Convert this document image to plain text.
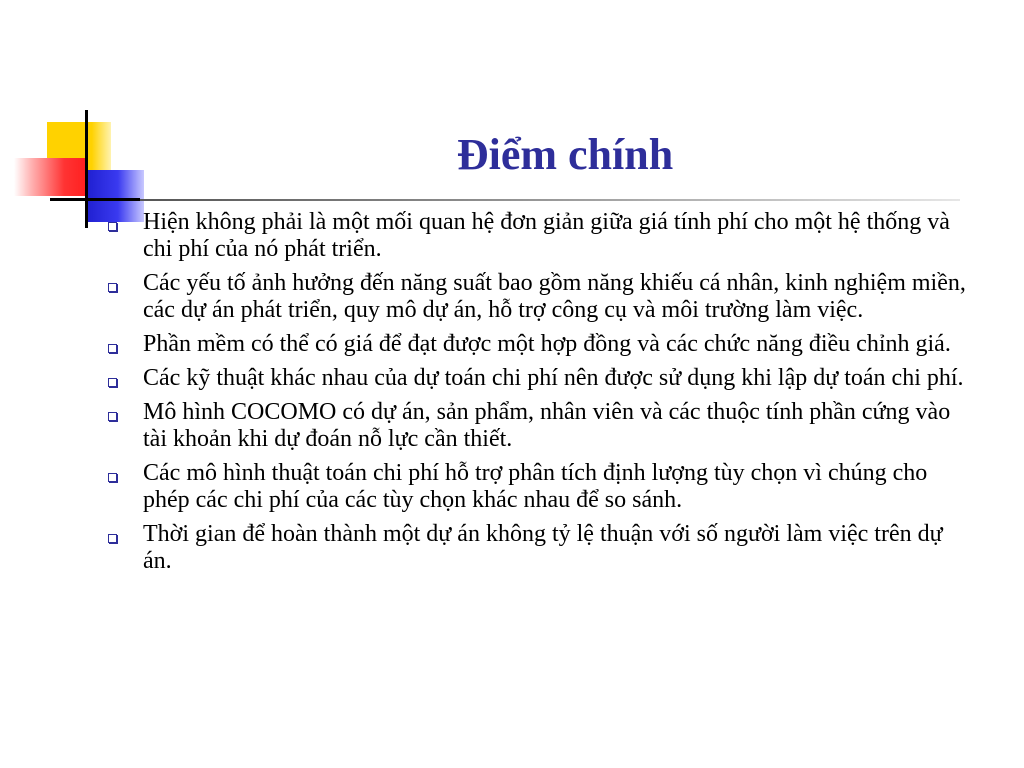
Điểm chính
Hiện không phải là một mối quan hệ đơn giản giữa giá tính phí cho một hệ thống và chi phí của nó phát triển.
Các yếu tố ảnh hưởng đến năng suất bao gồm năng khiếu cá nhân, kinh nghiệm miền, các dự án phát triển, quy mô dự án, hỗ trợ công cụ và môi trường làm việc.
Phần mềm có thể có giá để đạt được một hợp đồng và các chức năng điều chỉnh giá.
Các kỹ thuật khác nhau của dự toán chi phí nên được sử dụng khi lập dự toán chi phí.
Mô hình COCOMO có dự án, sản phẩm, nhân viên và các thuộc tính phần cứng vào tài khoản khi dự đoán nỗ lực cần thiết.
Các mô hình thuật toán chi phí hỗ trợ phân tích định lượng tùy chọn vì chúng cho phép các chi phí của các tùy chọn khác nhau để so sánh.
Thời gian để hoàn thành một dự án không tỷ lệ thuận với số người làm việc trên dự án.
